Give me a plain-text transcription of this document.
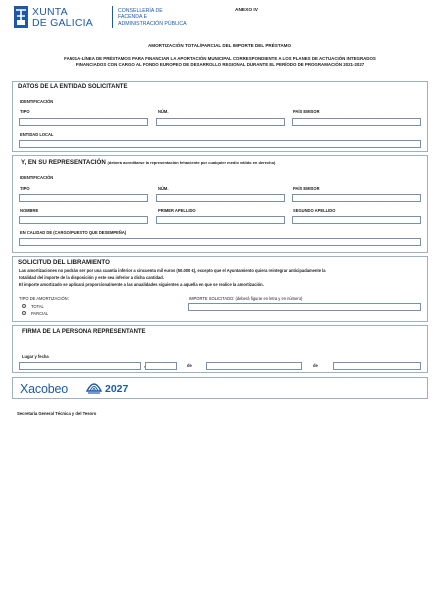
XUNTA
DE GALICIA
CONSELLERÍA DE
FACENDA E
ADMINISTRACIÓN PÚBLICA
ANEXO IV
AMORTIZACIÓN TOTAL/PARCIAL DEL IMPORTE DEL PRÉSTAMO
FA501A-LÍNEA DE PRÉSTAMOS PARA FINANCIAR LA APORTACIÓN MUNICIPAL CORRESPONDIENTE A LOS PLANES DE ACTUACIÓN INTEGRADOS
FINANCIADOS CON CARGO AL FONDO EUROPEO DE DESARROLLO REGIONAL DURANTE EL PERÍODO DE PROGRAMACIÓN 2021-2027
DATOS DE LA ENTIDAD SOLICITANTE
IDENTIFICACIÓN
TIPO	NÚM.	PAÍS EMISOR
ENTIDAD LOCAL
Y, EN SU REPRESENTACIÓN (deberá acreditarse la representación fehaciente por cualquier medio válido en derecho)
IDENTIFICACIÓN
TIPO	NÚM.	PAÍS EMISOR
NOMBRE	PRIMER APELLIDO	SEGUNDO APELLIDO
EN CALIDAD DE (CARGO/PUESTO QUE DESEMPEÑA)
SOLICITUD DEL LIBRAMIENTO
Las amortizaciones no podrán ser por una cuantía inferior a cincuenta mil euros (50.000 €), excepto que el Ayuntamiento quiera reintegrar anticipadamente la
totalidad del importe de la disposición y este sea inferior a dicha cantidad.
El importe amortizado se aplicará proporcionalmente a las anualidades siguientes a aquella en que se realice la amortización.
TIPO DE AMORTIZACIÓN:
TOTAL
PARCIAL
IMPORTE SOLICITADO: (deberá figurar en letra y en número)
FIRMA DE LA PERSONA REPRESENTANTE
Lugar y fecha
de	de
Xacobeo	2027
Secretaría General Técnica y del Tesoro
